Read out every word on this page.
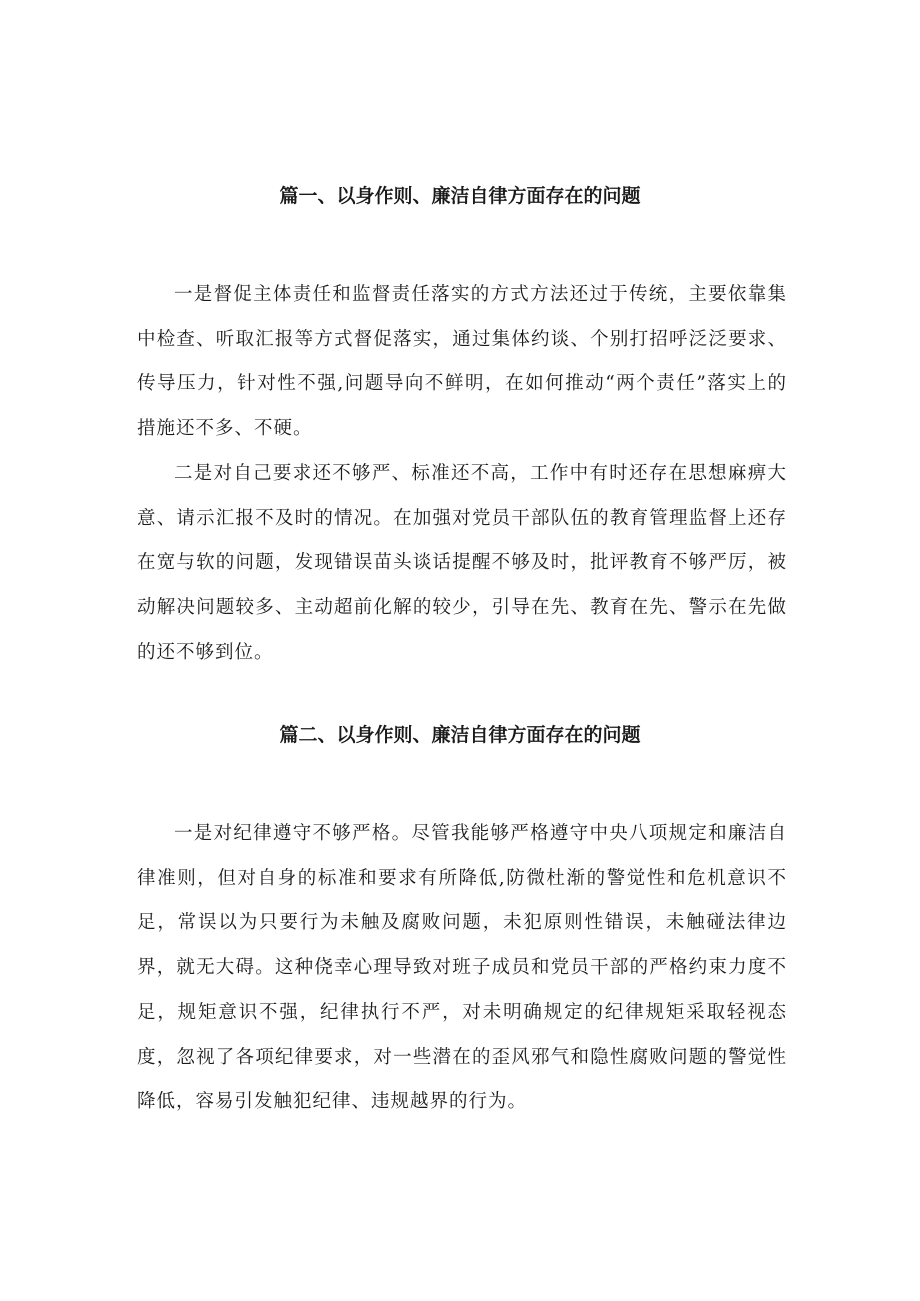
篇一、以身作则、廉洁自律方面存在的问题

一是督促主体责任和监督责任落实的方式方法还过于传统，主要依靠集中检查、听取汇报等方式督促落实，通过集体约谈、个别打招呼泛泛要求、传导压力，针对性不强,问题导向不鲜明，在如何推动“两个责任”落实上的措施还不多、不硬。

二是对自己要求还不够严、标准还不高，工作中有时还存在思想麻痹大意、请示汇报不及时的情况。在加强对党员干部队伍的教育管理监督上还存在宽与软的问题，发现错误苗头谈话提醒不够及时，批评教育不够严厉，被动解决问题较多、主动超前化解的较少，引导在先、教育在先、警示在先做的还不够到位。

篇二、以身作则、廉洁自律方面存在的问题

一是对纪律遵守不够严格。尽管我能够严格遵守中央八项规定和廉洁自律准则，但对自身的标准和要求有所降低,防微杜渐的警觉性和危机意识不足，常误以为只要行为未触及腐败问题，未犯原则性错误，未触碰法律边界，就无大碍。这种侥幸心理导致对班子成员和党员干部的严格约束力度不足，规矩意识不强，纪律执行不严，对未明确规定的纪律规矩采取轻视态度，忽视了各项纪律要求，对一些潜在的歪风邪气和隐性腐败问题的警觉性降低，容易引发触犯纪律、违规越界的行为。
